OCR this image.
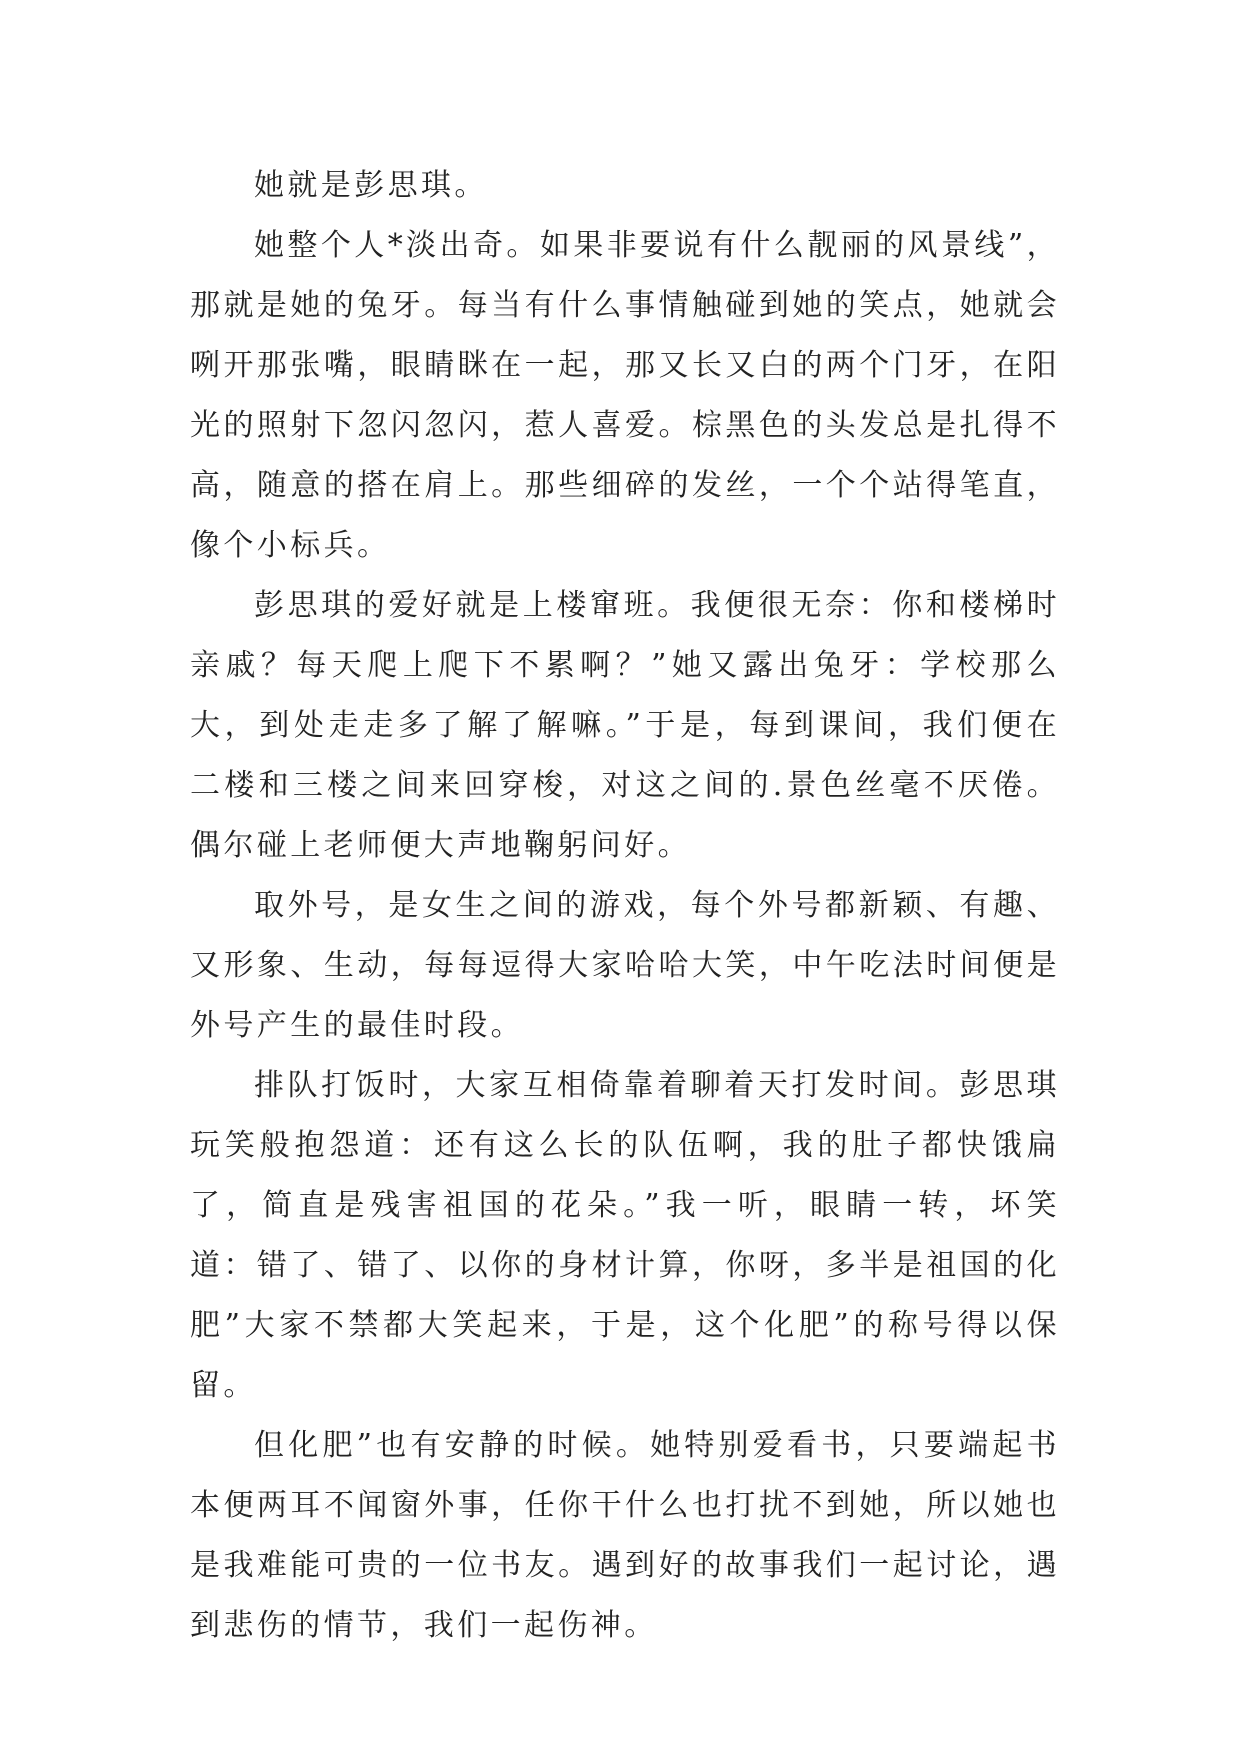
她就是彭思琪。

她整个人*淡出奇。如果非要说有什么靓丽的风景线”，那就是她的兔牙。每当有什么事情触碰到她的笑点，她就会咧开那张嘴，眼睛眯在一起，那又长又白的两个门牙，在阳光的照射下忽闪忽闪，惹人喜爱。棕黑色的头发总是扎得不高，随意的搭在肩上。那些细碎的发丝，一个个站得笔直，像个小标兵。

彭思琪的爱好就是上楼窜班。我便很无奈：你和楼梯时亲戚？每天爬上爬下不累啊？”她又露出兔牙：学校那么大，到处走走多了解了解嘛。”于是，每到课间，我们便在二楼和三楼之间来回穿梭，对这之间的.景色丝毫不厌倦。偶尔碰上老师便大声地鞠躬问好。

取外号，是女生之间的游戏，每个外号都新颖、有趣、又形象、生动，每每逗得大家哈哈大笑，中午吃法时间便是外号产生的最佳时段。

排队打饭时，大家互相倚靠着聊着天打发时间。彭思琪玩笑般抱怨道：还有这么长的队伍啊，我的肚子都快饿扁了，简直是残害祖国的花朵。”我一听，眼睛一转，坏笑道：错了、错了、以你的身材计算，你呀，多半是祖国的化肥”大家不禁都大笑起来，于是，这个化肥”的称号得以保留。

但化肥”也有安静的时候。她特别爱看书，只要端起书本便两耳不闻窗外事，任你干什么也打扰不到她，所以她也是我难能可贵的一位书友。遇到好的故事我们一起讨论，遇到悲伤的情节，我们一起伤神。
